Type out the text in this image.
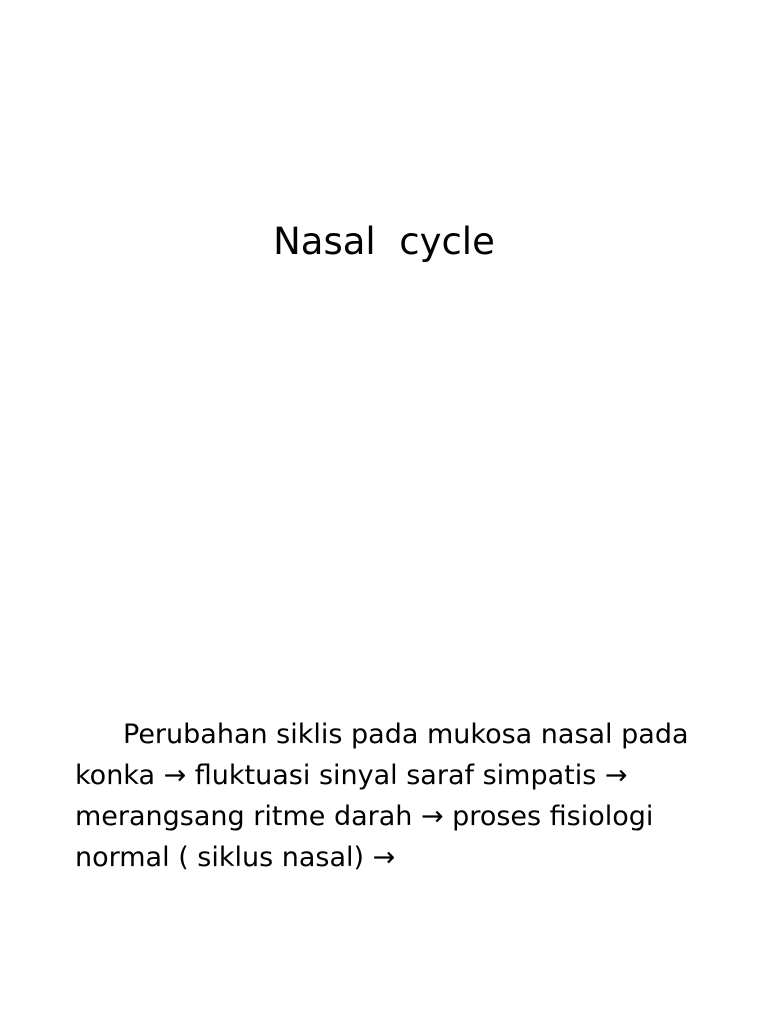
Nasal  cycle
Perubahan siklis pada mukosa nasal pada
konka → fluktuasi sinyal saraf simpatis →
merangsang ritme darah → proses fisiologi
normal ( siklus nasal) →
